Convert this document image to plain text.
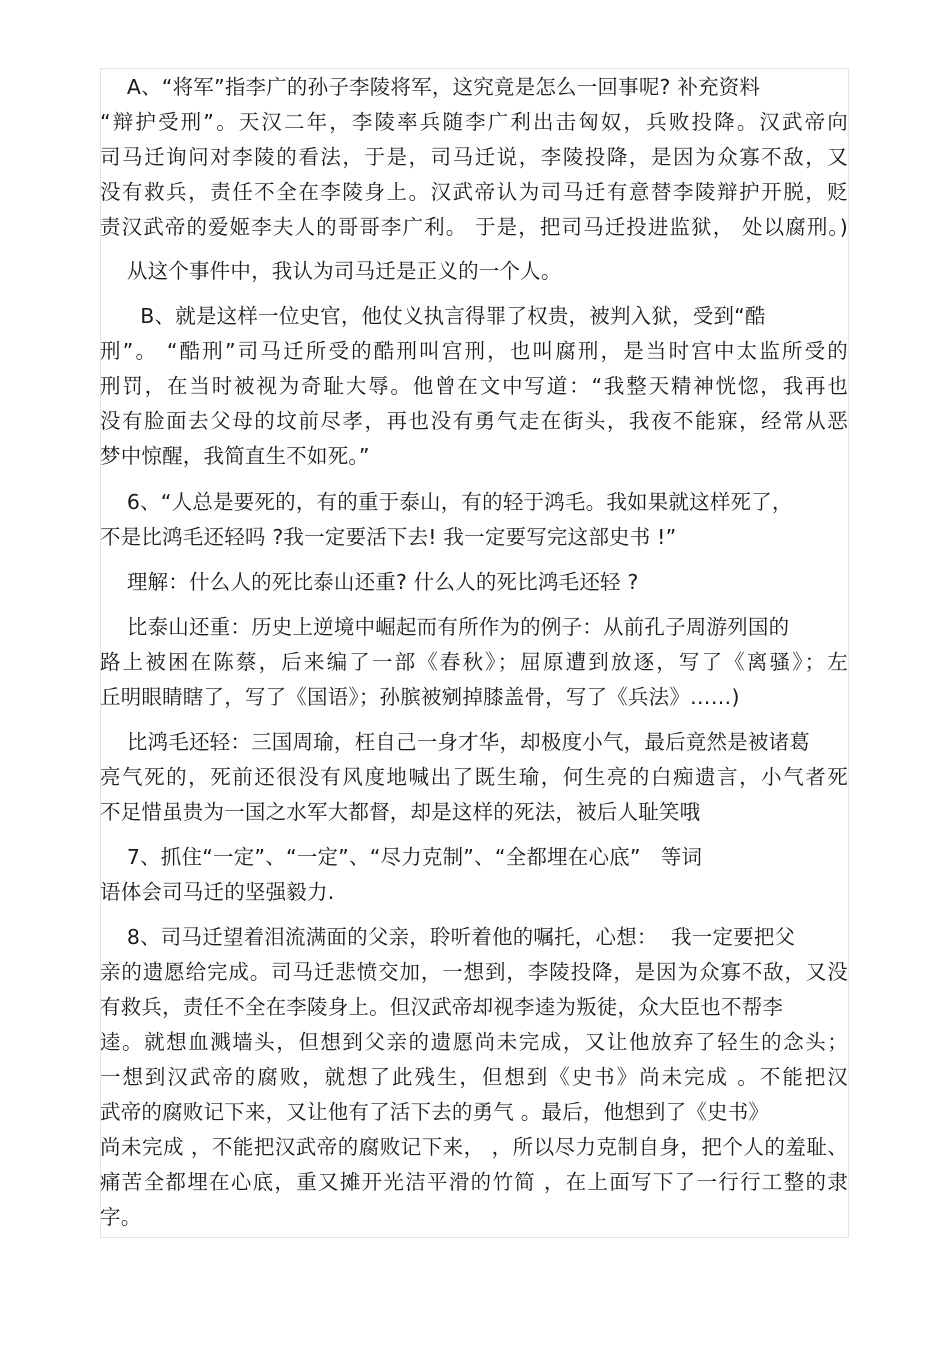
A、“将军”指李广的孙子李陵将军，这究竟是怎么一回事呢? 补充资料
“辩护受刑”。天汉二年，李陵率兵随李广利出击匈奴，兵败投降。汉武帝向
司马迁询问对李陵的看法，于是，司马迁说，李陵投降，是因为众寡不敌，又
没有救兵，责任不全在李陵身上。汉武帝认为司马迁有意替李陵辩护开脱，贬
责汉武帝的爱姬李夫人的哥哥李广利。 于是，把司马迁投进监狱， 处以腐刑。)
从这个事件中，我认为司马迁是正义的一个人。
B、就是这样一位史官，他仗义执言得罪了权贵，被判入狱，受到“酷
刑”。 “酷刑”司马迁所受的酷刑叫宫刑，也叫腐刑，是当时宫中太监所受的
刑罚，在当时被视为奇耻大辱。他曾在文中写道：“我整天精神恍惚，我再也
没有脸面去父母的坟前尽孝，再也没有勇气走在街头，我夜不能寐，经常从恶
梦中惊醒，我简直生不如死。”
6、“人总是要死的，有的重于泰山，有的轻于鸿毛。我如果就这样死了，
不是比鸿毛还轻吗 ?我一定要活下去! 我一定要写完这部史书 !”
理解：什么人的死比泰山还重? 什么人的死比鸿毛还轻 ?
比泰山还重：历史上逆境中崛起而有所作为的例子：从前孔子周游列国的
路上被困在陈蔡，后来编了一部《春秋》；屈原遭到放逐，写了《离骚》；左
丘明眼睛瞎了，写了《国语》；孙膑被剜掉膝盖骨，写了《兵法》……)
比鸿毛还轻：三国周瑜，枉自己一身才华，却极度小气，最后竟然是被诸葛
亮气死的，死前还很没有风度地喊出了既生瑜，何生亮的白痴遗言，小气者死
不足惜虽贵为一国之水军大都督，却是这样的死法，被后人耻笑哦
7、抓住“一定”、“一定”、“尽力克制”、“全都埋在心底”   等词
语体会司马迁的坚强毅力.
8、司马迁望着泪流满面的父亲，聆听着他的嘱托，心想：  我一定要把父
亲的遗愿给完成。司马迁悲愤交加，一想到，李陵投降，是因为众寡不敌，又没
有救兵，责任不全在李陵身上。但汉武帝却视李逵为叛徒，众大臣也不帮李
逵。就想血溅墙头，但想到父亲的遗愿尚未完成，又让他放弃了轻生的念头；
一想到汉武帝的腐败，就想了此残生，但想到《史书》尚未完成 。不能把汉
武帝的腐败记下来，又让他有了活下去的勇气 。最后，他想到了《史书》
尚未完成 ，不能把汉武帝的腐败记下来， ，所以尽力克制自身，把个人的羞耻、
痛苦全都埋在心底，重又摊开光洁平滑的竹简 ，在上面写下了一行行工整的隶
字。
